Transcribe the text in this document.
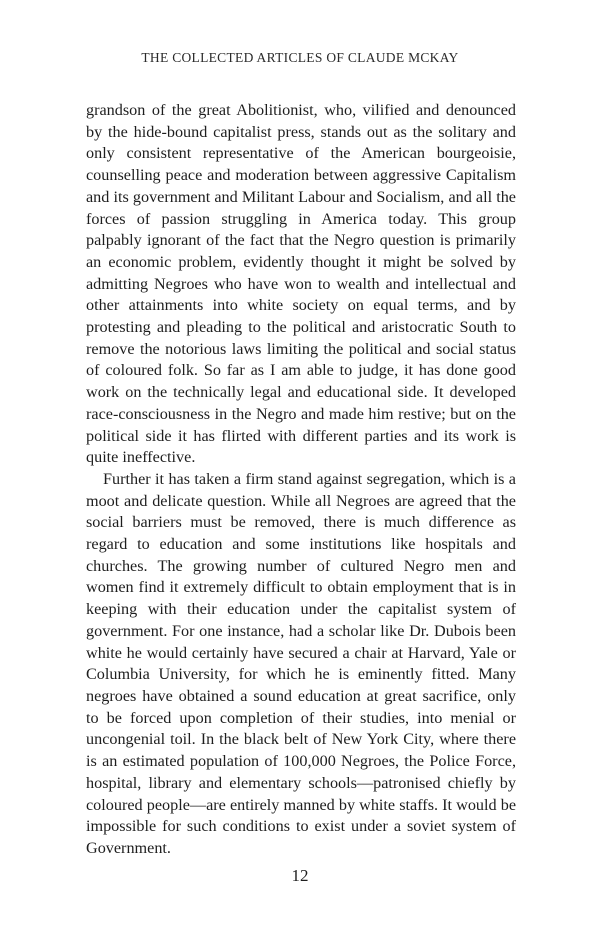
THE COLLECTED ARTICLES OF CLAUDE MCKAY

grandson of the great Abolitionist, who, vilified and denounced by the hide-bound capitalist press, stands out as the solitary and only consistent representative of the American bourgeoisie, counselling peace and moderation between aggressive Capitalism and its government and Militant Labour and Socialism, and all the forces of passion struggling in America today. This group palpably ignorant of the fact that the Negro question is primarily an economic problem, evidently thought it might be solved by admitting Negroes who have won to wealth and intellectual and other attainments into white society on equal terms, and by protesting and pleading to the political and aristocratic South to remove the notorious laws limiting the political and social status of coloured folk. So far as I am able to judge, it has done good work on the technically legal and educational side. It developed race-consciousness in the Negro and made him restive; but on the political side it has flirted with different parties and its work is quite ineffective.

Further it has taken a firm stand against segregation, which is a moot and delicate question. While all Negroes are agreed that the social barriers must be removed, there is much difference as regard to education and some institutions like hospitals and churches. The growing number of cultured Negro men and women find it extremely difficult to obtain employment that is in keeping with their education under the capitalist system of government. For one instance, had a scholar like Dr. Dubois been white he would certainly have secured a chair at Harvard, Yale or Columbia University, for which he is eminently fitted. Many negroes have obtained a sound education at great sacrifice, only to be forced upon completion of their studies, into menial or uncongenial toil. In the black belt of New York City, where there is an estimated population of 100,000 Negroes, the Police Force, hospital, library and elementary schools—patronised chiefly by coloured people—are entirely manned by white staffs. It would be impossible for such conditions to exist under a soviet system of Government.

12
